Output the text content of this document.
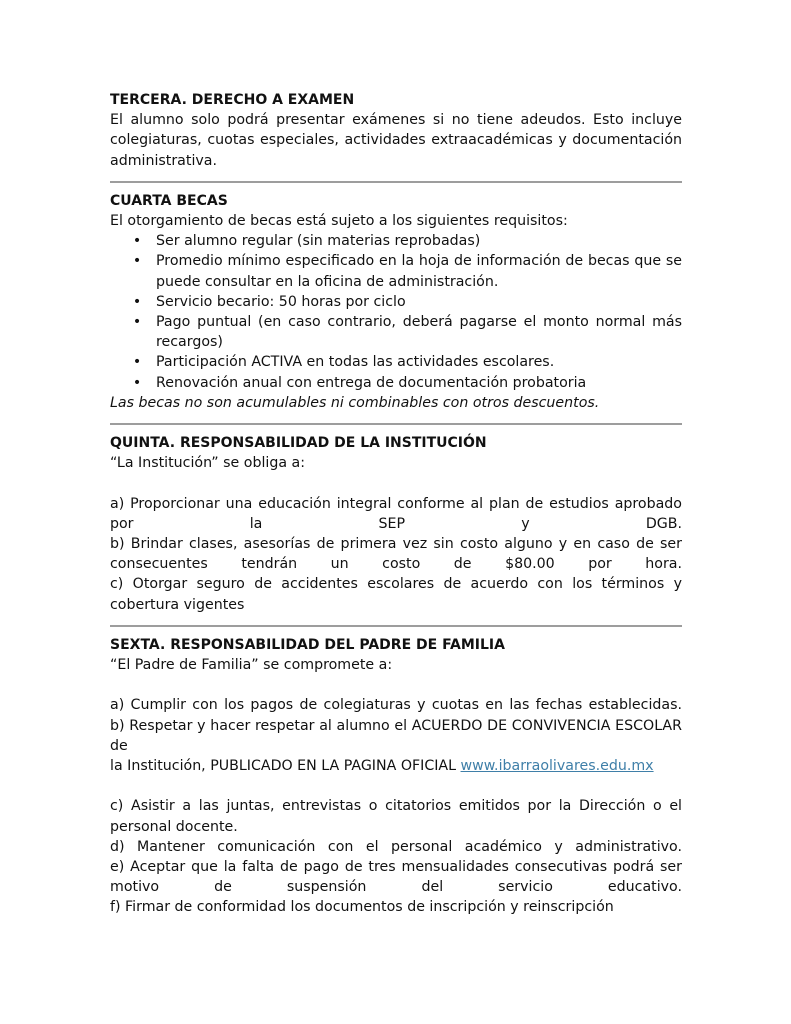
TERCERA. DERECHO A EXAMEN

El alumno solo podrá presentar exámenes si no tiene adeudos. Esto incluye colegiaturas, cuotas especiales, actividades extraacadémicas y documentación administrativa.

CUARTA BECAS

El otorgamiento de becas está sujeto a los siguientes requisitos:

• Ser alumno regular (sin materias reprobadas)
• Promedio mínimo especificado en la hoja de información de becas que se puede consultar en la oficina de administración.
• Servicio becario: 50 horas por ciclo
• Pago puntual (en caso contrario, deberá pagarse el monto normal más recargos)
• Participación ACTIVA en todas las actividades escolares.
• Renovación anual con entrega de documentación probatoria

Las becas no son acumulables ni combinables con otros descuentos.

QUINTA. RESPONSABILIDAD DE LA INSTITUCIÓN

“La Institución” se obliga a:

a) Proporcionar una educación integral conforme al plan de estudios aprobado

por la SEP y DGB.

b) Brindar clases, asesorías de primera vez sin costo alguno y en caso de ser

consecuentes tendrán un costo de $80.00 por hora.

c) Otorgar seguro de accidentes escolares de acuerdo con los términos y cobertura vigentes

SEXTA. RESPONSABILIDAD DEL PADRE DE FAMILIA

“El Padre de Familia” se compromete a:

a) Cumplir con los pagos de colegiaturas y cuotas en las fechas establecidas.

b) Respetar y hacer respetar al alumno el ACUERDO DE CONVIVENCIA ESCOLAR de

la Institución, PUBLICADO EN LA PAGINA OFICIAL www.ibarraolivares.edu.mx

c) Asistir a las juntas, entrevistas o citatorios emitidos por la Dirección o el personal docente.

d) Mantener comunicación con el personal académico y administrativo.

e) Aceptar que la falta de pago de tres mensualidades consecutivas podrá ser

motivo de suspensión del servicio educativo.

f) Firmar de conformidad los documentos de inscripción y reinscripción
